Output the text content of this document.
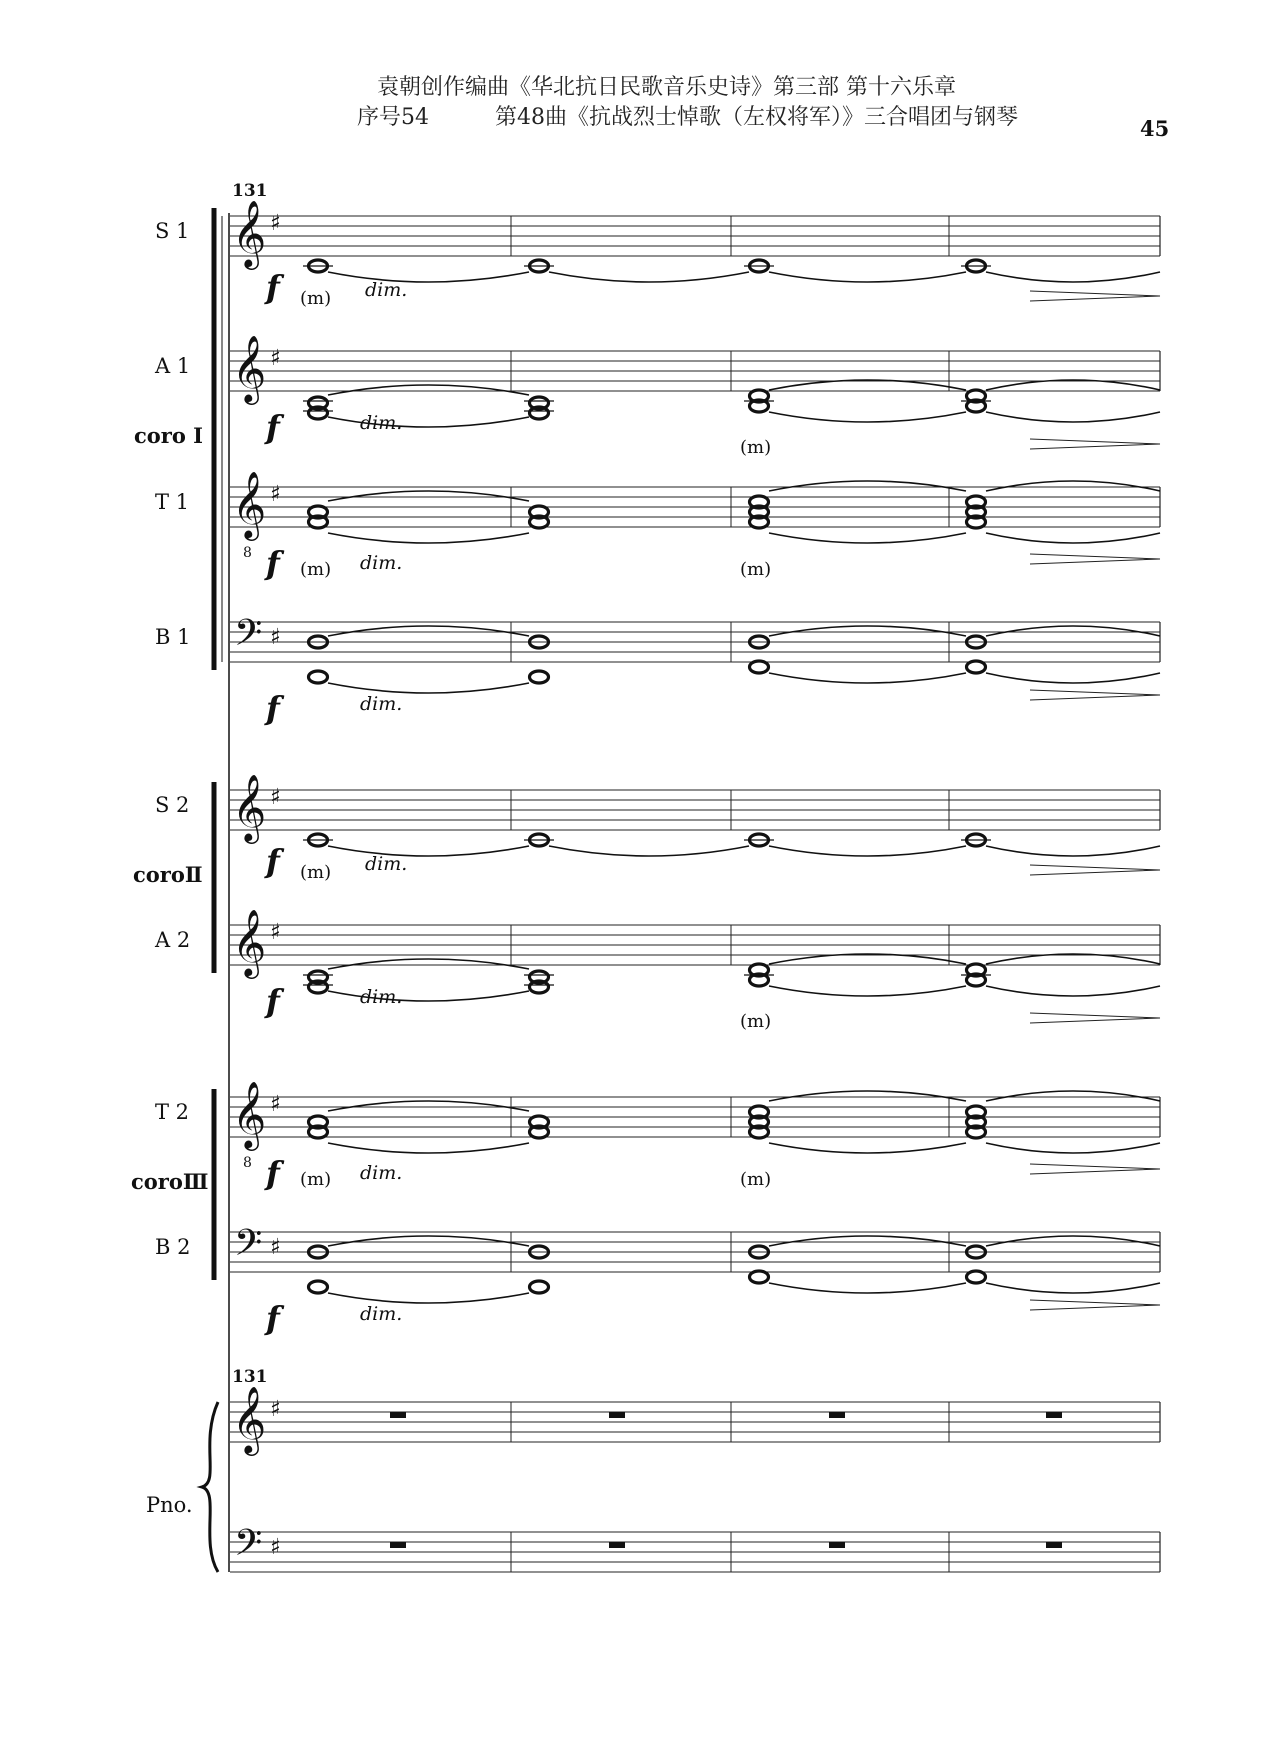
袁朝创作编曲《华北抗日民歌音乐史诗》第三部 第十六乐章
序号54　　　第48曲《抗战烈士悼歌（左权将军）》三合唱团与钢琴	45
𝄞 ♯
𝄞 ♯
𝄞
8
♯
𝄢 ♯
𝄞 ♯
𝄞 ♯
𝄞
8
♯
𝄢 ♯
𝄞 ♯
𝄢 ♯
131
131
S 1
A 1
T 1
B 1
S 2
A 2
T 2
B 2
coro Ⅰ
coroⅡ
coroⅢ
Pno.
f (m) dim.
f	dim.
(m)
f (m) dim.	(m)
f	dim.
f (m) dim.
f	dim.
(m)
f (m) dim.	(m)
f	dim.
